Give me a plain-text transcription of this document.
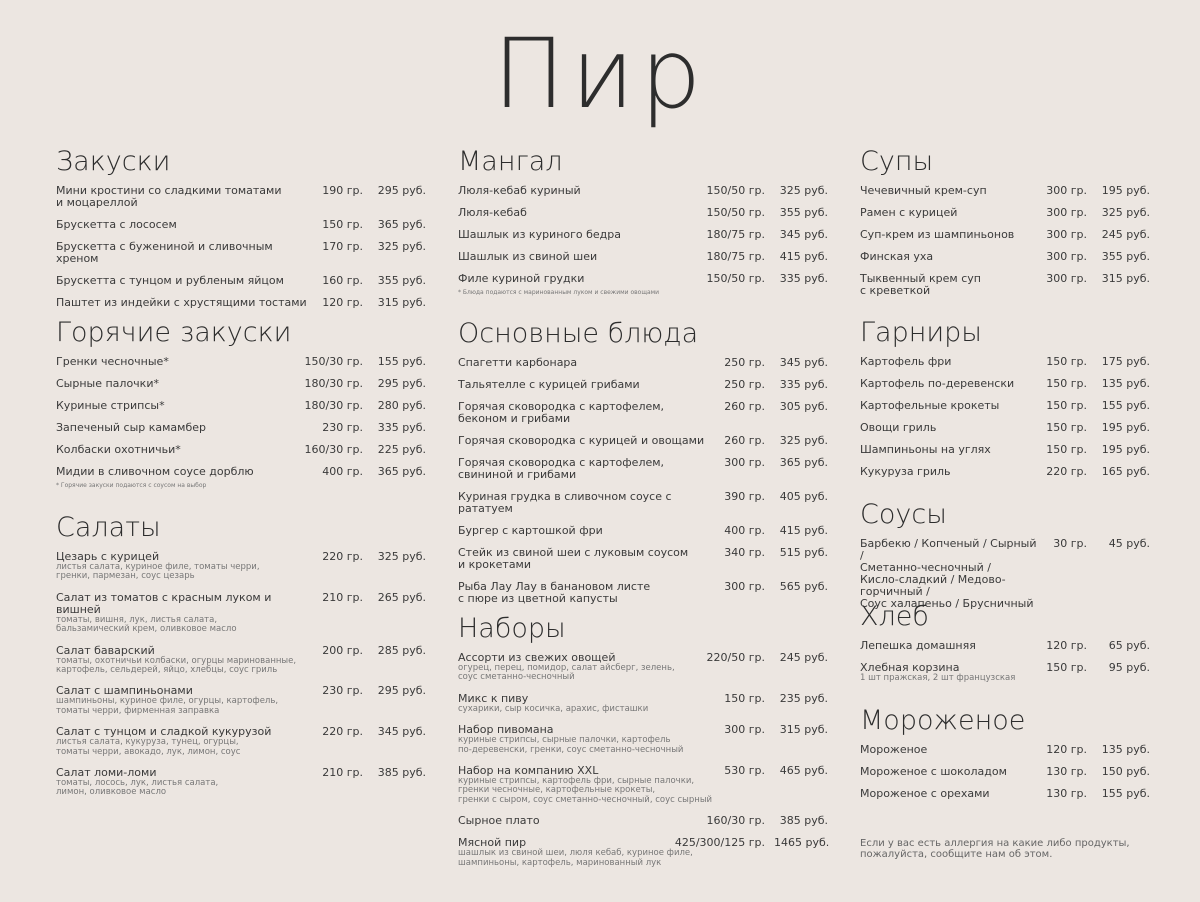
Пир
Закуски
Мини кростини со сладкими томатами
и моцареллой
190 гр.	295 руб.
Брускетта с лососем	150 гр.	365 руб.
Брускетта с бужениной и сливочным хреном
170 гр.	325 руб.
Брускетта с тунцом и рубленым яйцом	160 гр.	355 руб.
Паштет из индейки с хрустящими тостами	120 гр.	315 руб.
Горячие закуски
Гренки чесночные*	150/30 гр.	155 руб.
Сырные палочки*	180/30 гр.	295 руб.
Куриные стрипсы*	180/30 гр.	280 руб.
Запеченый сыр камамбер	230 гр.	335 руб.
Колбаски охотничьи*	160/30 гр.	225 руб.
Мидии в сливочном соусе дорблю	400 гр.	365 руб.
* Горячие закуски подаются с соусом на выбор
Салаты
Цезарь с курицей
листья салата, куриное филе, томаты черри,
гренки, пармезан, соус цезарь
220 гр.	325 руб.
Салат из томатов с красным луком и вишней
томаты, вишня, лук, листья салата,
бальзамический крем, оливковое масло
210 гр.	265 руб.
Салат баварский
томаты, охотничьи колбаски, огурцы маринованные,
картофель, сельдерей, яйцо, хлебцы, соус гриль
200 гр.	285 руб.
Салат с шампиньонами
шампиньоны, куриное филе, огурцы, картофель,
томаты черри, фирменная заправка
230 гр.	295 руб.
Салат с тунцом и сладкой кукурузой
листья салата, кукуруза, тунец, огурцы,
томаты черри, авокадо, лук, лимон, соус
220 гр.	345 руб.
Салат ломи-ломи
томаты, лосось, лук, листья салата,
лимон, оливковое масло
210 гр.	385 руб.
Мангал
Люля-кебаб куриный	150/50 гр.	325 руб.
Люля-кебаб	150/50 гр.	355 руб.
Шашлык из куриного бедра	180/75 гр.	345 руб.
Шашлык из свиной шеи	180/75 гр.	415 руб.
Филе куриной грудки	150/50 гр.	335 руб.
* Блюда подаются с маринованным луком и свежими овощами
Основные блюда
Спагетти карбонара	250 гр.	345 руб.
Тальятелле с курицей грибами	250 гр.	335 руб.
Горячая сковородка с картофелем,
беконом и грибами
260 гр.	305 руб.
Горячая сковородка с курицей и овощами	260 гр.	325 руб.
Горячая сковородка с картофелем,
свининой и грибами
300 гр.	365 руб.
Куриная грудка в сливочном соусе с рататуем
390 гр.	405 руб.
Бургер с картошкой фри	400 гр.	415 руб.
Стейк из свиной шеи с луковым соусом
и крокетами
340 гр.	515 руб.
Рыба Лау Лау в банановом листе
с пюре из цветной капусты
300 гр.	565 руб.
Наборы
Ассорти из свежих овощей
огурец, перец, помидор, салат айсберг, зелень,
соус сметанно-чесночный
220/50 гр.	245 руб.
Микс к пиву
сухарики, сыр косичка, арахис, фисташки
150 гр.	235 руб.
Набор пивомана
куриные стрипсы, сырные палочки, картофель
по-деревенски, гренки, соус сметанно-чесночный
300 гр.	315 руб.
Набор на компанию XXL
куриные стрипсы, картофель фри, сырные палочки,
гренки чесночные, картофельные крокеты,
гренки с сыром, соус сметанно-чесночный, соус сырный
530 гр.	465 руб.
Сырное плато	160/30 гр.	385 руб.
Мясной пир
шашлык из свиной шеи, люля кебаб, куриное филе,
шампиньоны, картофель, маринованный лук
425/300/125 гр. 1465 руб.
Супы
Чечевичный крем-суп	300 гр.	195 руб.
Рамен с курицей	300 гр.	325 руб.
Суп-крем из шампиньонов	300 гр.	245 руб.
Финская уха	300 гр.	355 руб.
Тыквенный крем суп
с креветкой
300 гр.	315 руб.
Гарниры
Картофель фри	150 гр.	175 руб.
Картофель по-деревенски	150 гр.	135 руб.
Картофельные крокеты	150 гр.	155 руб.
Овощи гриль	150 гр.	195 руб.
Шампиньоны на углях	150 гр.	195 руб.
Кукуруза гриль	220 гр.	165 руб.
Соусы
Барбекю / Копченый / Сырный /
Сметанно-чесночный /
Кисло-сладкий / Медово-горчичный /
Соус халапеньо / Брусничный
30 гр.	45 руб.
Хлеб
Лепешка домашняя	120 гр.	65 руб.
Хлебная корзина
1 шт пражская, 2 шт французская
150 гр.	95 руб.
Мороженое
Мороженое	120 гр.	135 руб.
Мороженое с шоколадом	130 гр.	150 руб.
Мороженое с орехами	130 гр.	155 руб.
Если у вас есть аллергия на какие либо продукты,
пожалуйста, сообщите нам об этом.
